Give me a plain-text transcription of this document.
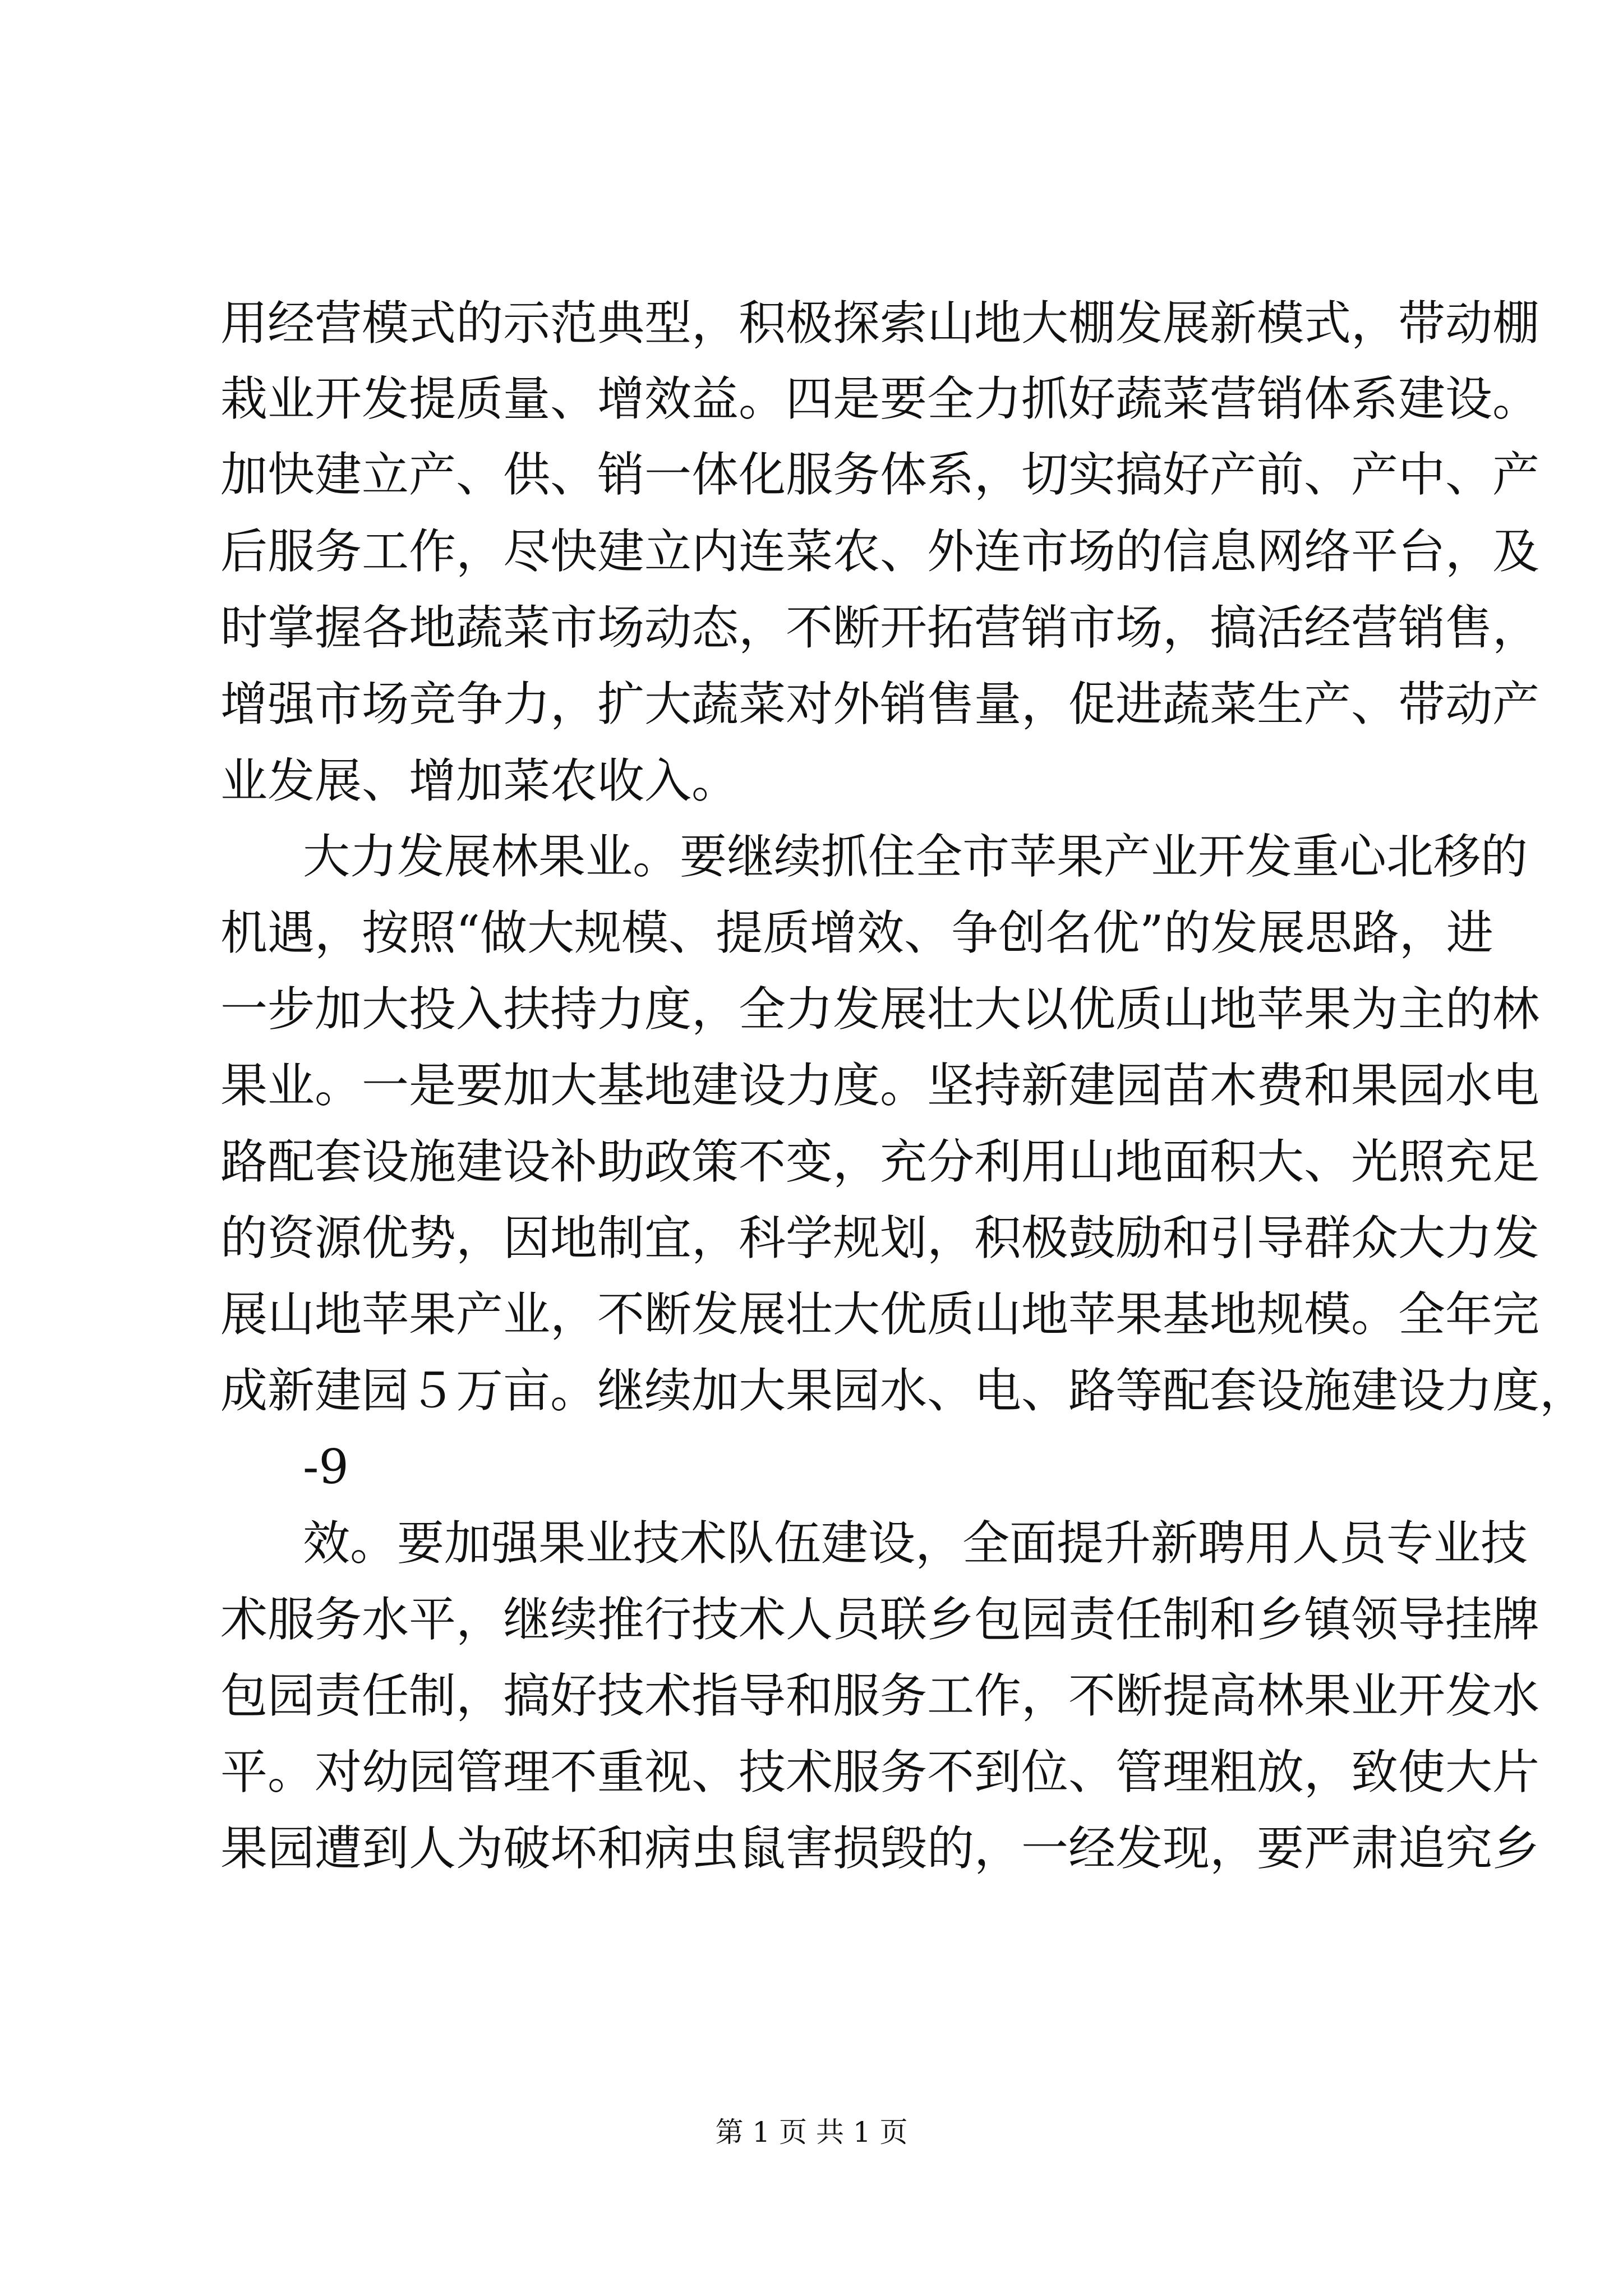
用经营模式的示范典型，积极探索山地大棚发展新模式，带动棚
栽业开发提质量、增效益。四是要全力抓好蔬菜营销体系建设。
加快建立产、供、销一体化服务体系，切实搞好产前、产中、产
后服务工作，尽快建立内连菜农、外连市场的信息网络平台，及
时掌握各地蔬菜市场动态，不断开拓营销市场，搞活经营销售，
增强市场竞争力，扩大蔬菜对外销售量，促进蔬菜生产、带动产
业发展、增加菜农收入。
大力发展林果业。要继续抓住全市苹果产业开发重心北移的
机遇，按照“做大规模、提质增效、争创名优”的发展思路，进
一步加大投入扶持力度，全力发展壮大以优质山地苹果为主的林
果业。一是要加大基地建设力度。坚持新建园苗木费和果园水电
路配套设施建设补助政策不变，充分利用山地面积大、光照充足
的资源优势，因地制宜，科学规划，积极鼓励和引导群众大力发
展山地苹果产业，不断发展壮大优质山地苹果基地规模。全年完
成新建园５万亩。继续加大果园水、电、路等配套设施建设力度，
-9
效。要加强果业技术队伍建设，全面提升新聘用人员专业技
术服务水平，继续推行技术人员联乡包园责任制和乡镇领导挂牌
包园责任制，搞好技术指导和服务工作，不断提高林果业开发水
平。对幼园管理不重视、技术服务不到位、管理粗放，致使大片
果园遭到人为破坏和病虫鼠害损毁的，一经发现，要严肃追究乡
第 1 页 共 1 页
